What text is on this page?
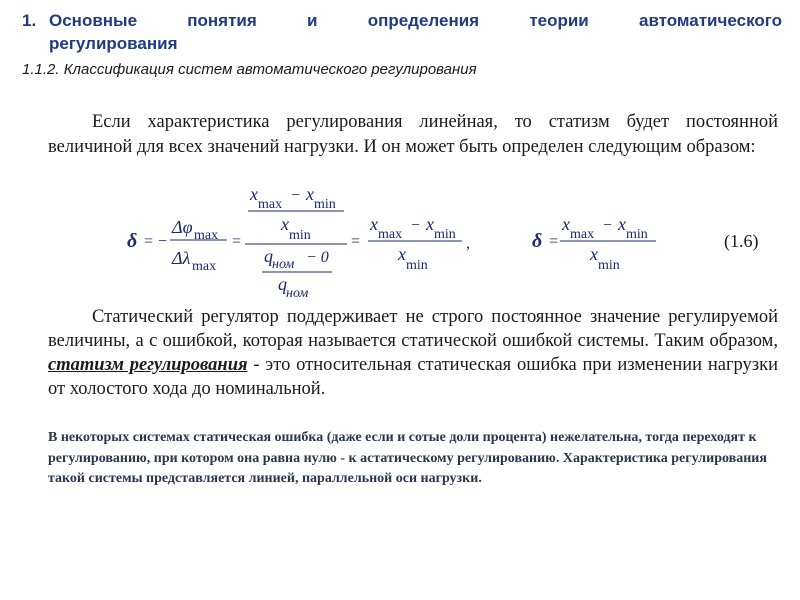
1. Основные	понятия	и	определения	теории	автоматического
регулирования
1.1.2. Классификация систем автоматического регулирования
Если характеристика регулирования линейная, то статизм будет постоянной величиной для всех значений нагрузки. И он может быть определен следующим образом:
δ = −
Δφ max
Δλ max
=
x
max
− x
min
x
min
q ном − 0
q ном
=
x
max
− x
min
x
min
,	δ =
x
max
− x
min
x
min
(1.6)
Статический регулятор поддерживает не строго постоянное значение регулируемой величины, а с ошибкой, которая называется статической ошибкой системы. Таким образом, статизм регулирования - это относительная статическая ошибка при изменении нагрузки от холостого хода до номинальной.
В некоторых системах статическая ошибка (даже если и сотые доли процента) нежелательна, тогда переходят к регулированию, при котором она равна нулю - к астатическому регулированию. Характеристика регулирования такой системы представляется линией, параллельной оси нагрузки.
